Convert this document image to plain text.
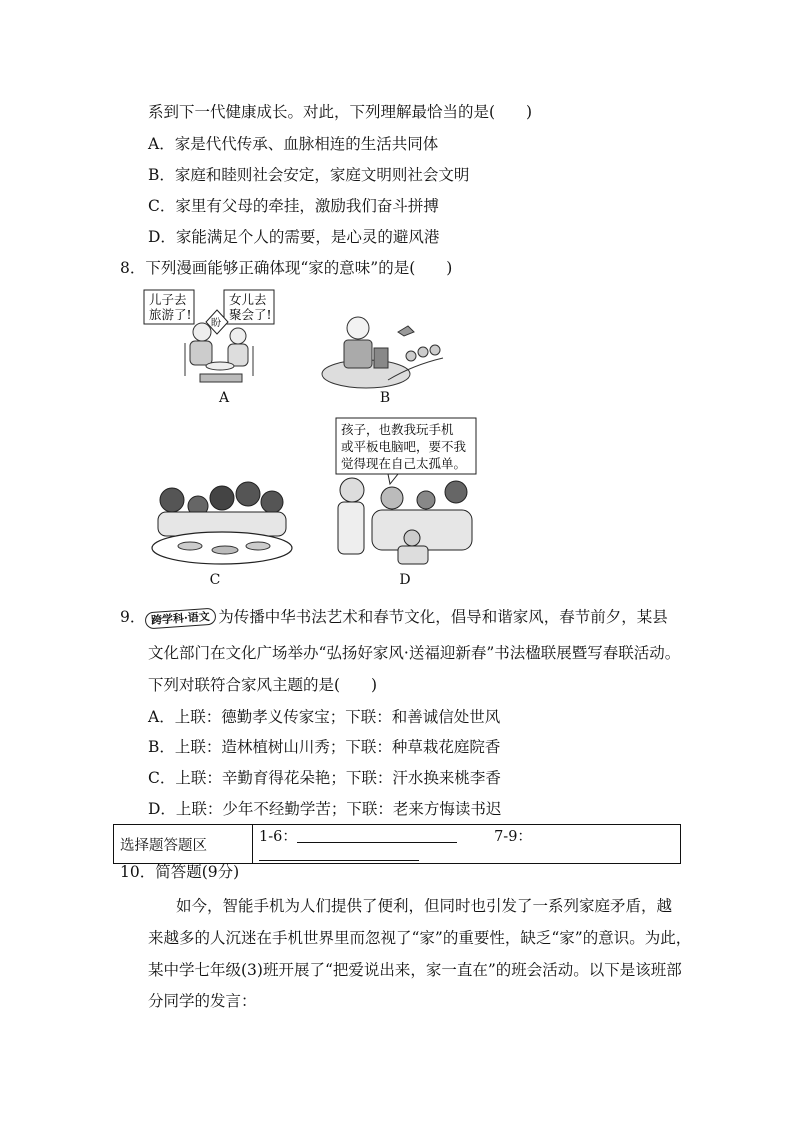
系到下一代健康成长。对此，下列理解最恰当的是(　　)
A．家是代代传承、血脉相连的生活共同体
B．家庭和睦则社会安定，家庭文明则社会文明
C．家里有父母的牵挂，激励我们奋斗拼搏
D．家能满足个人的需要，是心灵的避风港
8．下列漫画能够正确体现“家的意味”的是(　　)
儿子去
旅游了!
女儿去
聚会了!
盼
A	B
C
孩子，也教我玩手机
或平板电脑吧，要不我
觉得现在自己太孤单。
D
9． 跨学科·语文 为传播中华书法艺术和春节文化，倡导和谐家风，春节前夕，某县
文化部门在文化广场举办“弘扬好家风·送福迎新春”书法楹联展暨写春联活动。
下列对联符合家风主题的是(　　)
A．上联：德勤孝义传家宝；下联：和善诚信处世风
B．上联：造林植树山川秀；下联：种草栽花庭院香
C．上联：辛勤育得花朵艳；下联：汗水换来桃李香
D．上联：少年不经勤学苦；下联：老来方悔读书迟
选择题答题区	1-6：	7-9：
10．简答题(9分)
如今，智能手机为人们提供了便利，但同时也引发了一系列家庭矛盾，越
来越多的人沉迷在手机世界里而忽视了“家”的重要性，缺乏“家”的意识。为此，
某中学七年级(3)班开展了“把爱说出来，家一直在”的班会活动。以下是该班部
分同学的发言：
